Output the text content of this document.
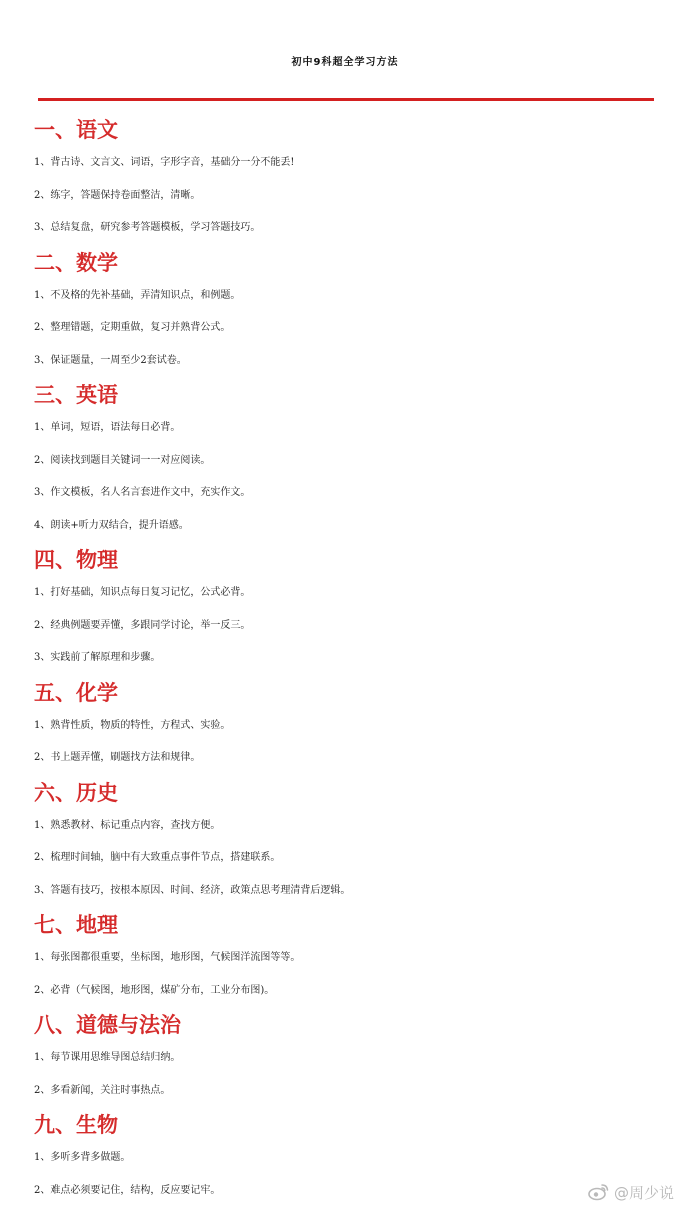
初中9科超全学习方法
一、语文
1、背古诗、文言文、词语，字形字音，基础分一分不能丢!
2、练字，答题保持卷面整洁，清晰。
3、总结复盘，研究参考答题模板，学习答题技巧。
二、数学
1、不及格的先补基础，弄清知识点，和例题。
2、整理错题，定期重做，复习并熟背公式。
3、保证题量，一周至少2套试卷。
三、英语
1、单词，短语，语法每日必背。
2、阅读找到题目关键词一一对应阅读。
3、作文模板，名人名言套进作文中，充实作文。
4、朗读+听力双结合，提升语感。
四、物理
1、打好基础，知识点每日复习记忆，公式必背。
2、经典例题要弄懂，多跟同学讨论，举一反三。
3、实践前了解原理和步骤。
五、化学
1、熟背性质，物质的特性，方程式、实验。
2、书上题弄懂，刷题找方法和规律。
六、历史
1、熟悉教材、标记重点内容，查找方便。
2、梳理时间轴，脑中有大致重点事件节点，搭建联系。
3、答题有技巧，按根本原因、时间、经济，政策点思考理清背后逻辑。
七、地理
1、每张图都很重要，坐标图，地形图，气候图洋流图等等。
2、必背（气候图，地形图，煤矿分布，工业分布图)。
八、道德与法治
1、每节课用思维导图总结归纳。
2、多看新闻，关注时事热点。
九、生物
1、多听多背多做题。
2、难点必须要记住，结构，反应要记牢。	@周少说
